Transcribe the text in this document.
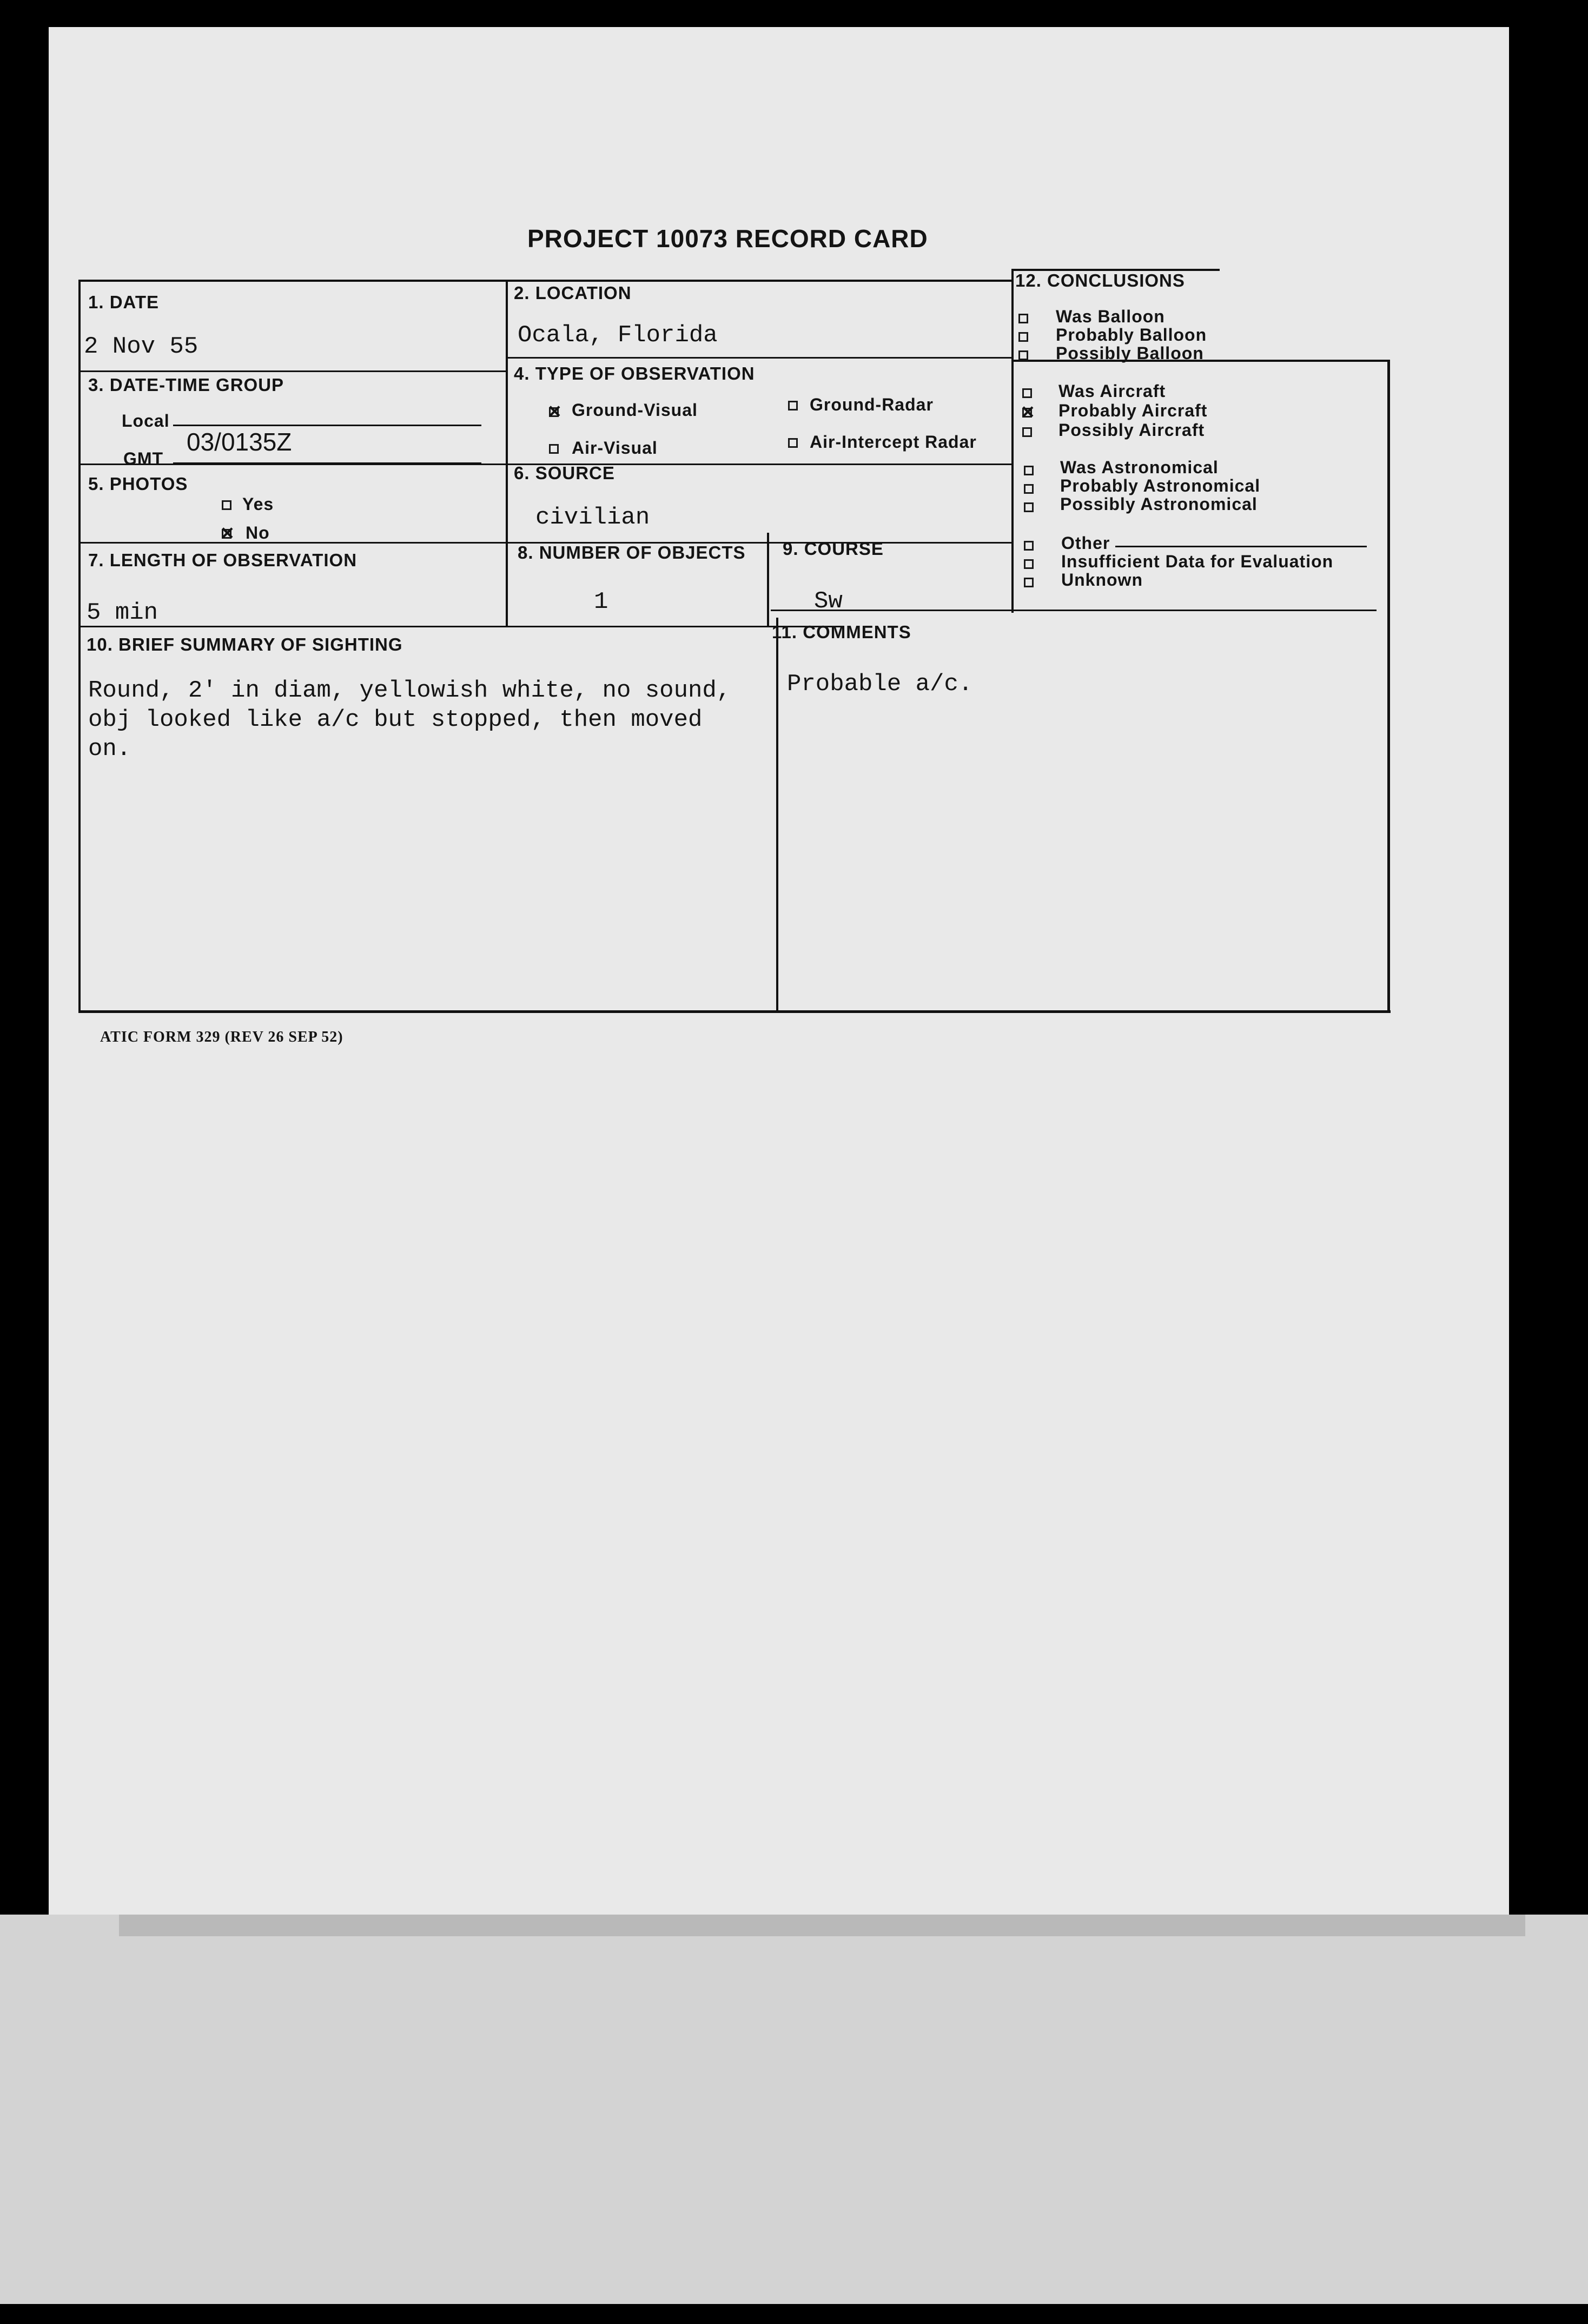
PROJECT 10073 RECORD CARD
1. DATE
2 Nov 55
2. LOCATION
Ocala, Florida
3. DATE-TIME GROUP
Local
GMT
03/0135Z
4. TYPE OF OBSERVATION
✕
Ground-Visual	Ground-Radar
Air-Visual	Air-Intercept Radar
5. PHOTOS
Yes
✕
No
6. SOURCE
civilian
7. LENGTH OF OBSERVATION
5 min
8. NUMBER OF OBJECTS
1
9. COURSE
Sw
10. BRIEF SUMMARY OF SIGHTING
Round, 2' in diam, yellowish white, no sound,
obj looked like a/c but stopped, then moved
on.
11. COMMENTS
Probable a/c.
12. CONCLUSIONS
Was Balloon
Probably Balloon
Possibly Balloon
Was Aircraft
✕
Probably Aircraft
Possibly Aircraft
Was Astronomical
Probably Astronomical
Possibly Astronomical
Other
Insufficient Data for Evaluation
Unknown
ATIC FORM 329 (REV 26 SEP 52)
